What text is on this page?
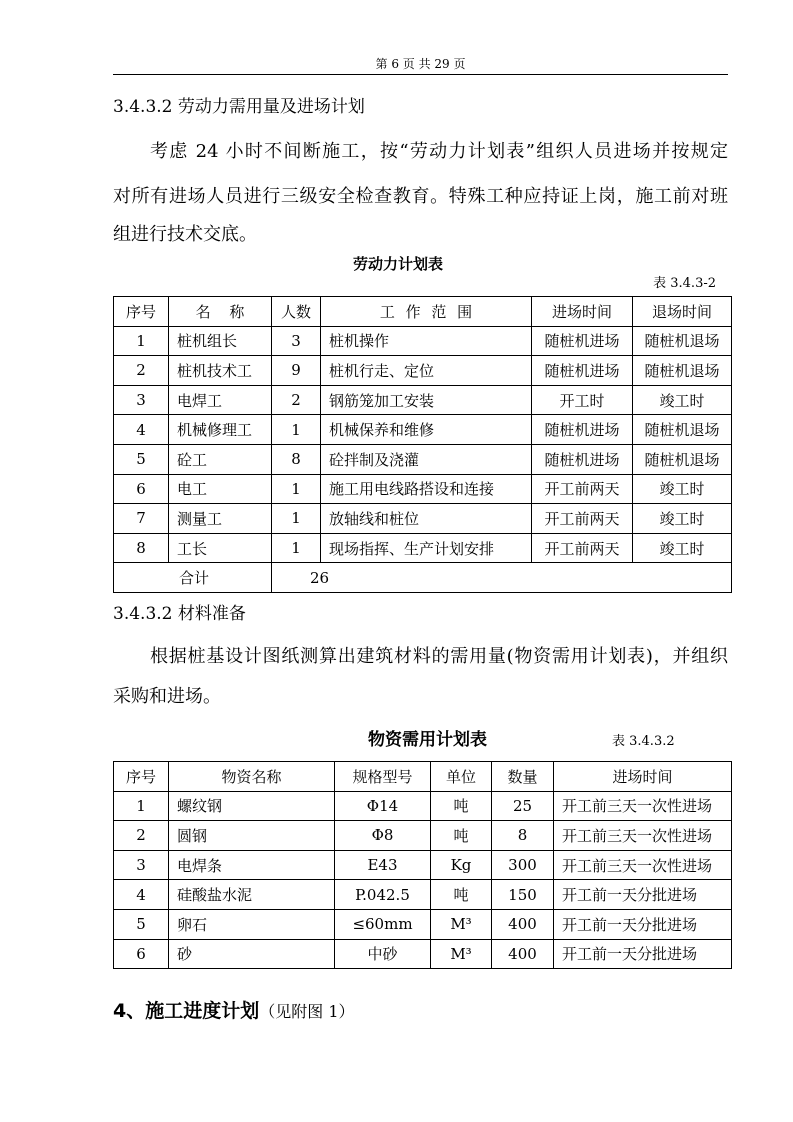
第 6 页 共 29 页
3.4.3.2 劳动力需用量及进场计划
考虑 24 小时不间断施工，按“劳动力计划表”组织人员进场并按规定
对所有进场人员进行三级安全检查教育。特殊工种应持证上岗，施工前对班
组进行技术交底。
劳动力计划表
表 3.4.3-2
序号	名 称	人数	工 作 范 围	进场时间	退场时间
1	桩机组长	3	桩机操作	随桩机进场	随桩机退场
2	桩机技术工	9	桩机行走、定位	随桩机进场	随桩机退场
3	电焊工	2	钢筋笼加工安装	开工时	竣工时
4	机械修理工	1	机械保养和维修	随桩机进场	随桩机退场
5	砼工	8	砼拌制及浇灌	随桩机进场	随桩机退场
6	电工	1	施工用电线路搭设和连接	开工前两天	竣工时
7	测量工	1	放轴线和桩位	开工前两天	竣工时
8	工长	1	现场指挥、生产计划安排	开工前两天	竣工时
合计		26			
3.4.3.2 材料准备
根据桩基设计图纸测算出建筑材料的需用量(物资需用计划表)，并组织
采购和进场。
物资需用计划表	表 3.4.3.2
序号	物资名称	规格型号	单位	数量	进场时间
1	螺纹钢	Φ14	吨	25	开工前三天一次性进场
2	圆钢	Φ8	吨	8	开工前三天一次性进场
3	电焊条	E43	Kg	300	开工前三天一次性进场
4	硅酸盐水泥	P.042.5	吨	150	开工前一天分批进场
5	卵石	≤60mm	M³	400	开工前一天分批进场
6	砂	中砂	M³	400	开工前一天分批进场
4、施工进度计划（见附图 1）
